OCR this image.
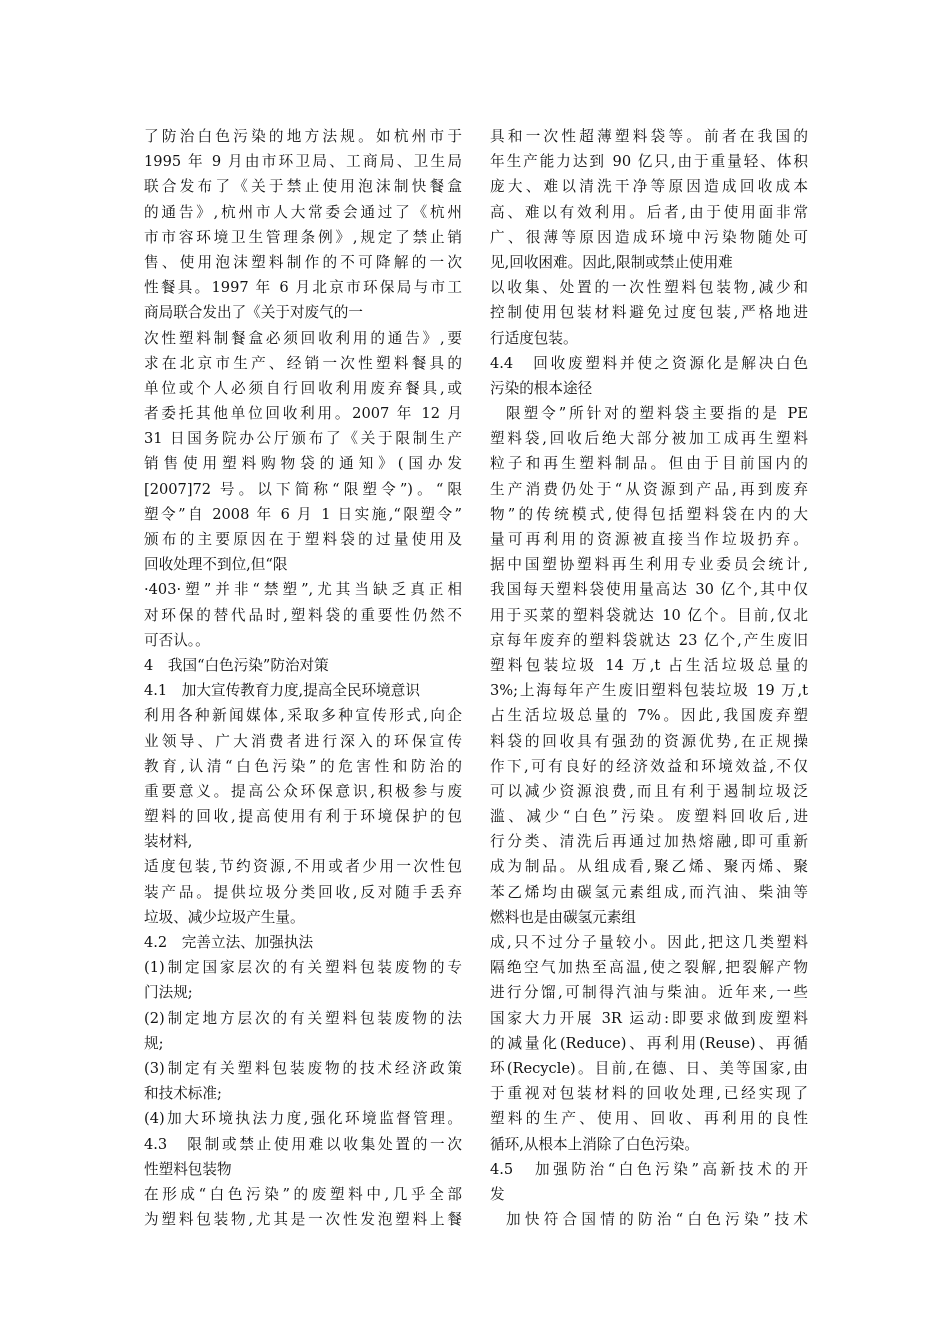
了防治白色污染的地方法规。如杭州市于
1995 年 9 月由市环卫局、工商局、卫生局
联合发布了《关于禁止使用泡沫制快餐盒
的通告》,杭州市人大常委会通过了《杭州
市市容环境卫生管理条例》,规定了禁止销
售、使用泡沫塑料制作的不可降解的一次
性餐具。1997 年 6 月北京市环保局与市工
商局联合发出了《关于对废气的一
次性塑料制餐盒必须回收利用的通告》,要
求在北京市生产、经销一次性塑料餐具的
单位或个人必须自行回收利用废弃餐具,或
者委托其他单位回收利用。2007 年 12 月
31 日国务院办公厅颁布了《关于限制生产
销售使用塑料购物袋的通知》(国办发
[2007]72 号。以下简称“限塑令”)。“限
塑令”自 2008 年 6 月 1 日实施,“限塑令”
颁布的主要原因在于塑料袋的过量使用及
回收处理不到位,但“限
·403·塑”并非“禁塑”,尤其当缺乏真正相
对环保的替代品时,塑料袋的重要性仍然不
可否认。。
4　我国“白色污染”防治对策
4.1　加大宣传教育力度,提高全民环境意识
利用各种新闻媒体,采取多种宣传形式,向企
业领导、广大消费者进行深入的环保宣传
教育,认清“白色污染”的危害性和防治的
重要意义。提高公众环保意识,积极参与废
塑料的回收,提高使用有利于环境保护的包
装材料,
适度包装,节约资源,不用或者少用一次性包
装产品。提供垃圾分类回收,反对随手丢弃
垃圾、减少垃圾产生量。
4.2　完善立法、加强执法
(1)制定国家层次的有关塑料包装废物的专
门法规;
(2)制定地方层次的有关塑料包装废物的法
规;
(3)制定有关塑料包装废物的技术经济政策
和技术标准;
(4)加大环境执法力度,强化环境监督管理。
4.3　限制或禁止使用难以收集处置的一次
性塑料包装物
在形成“白色污染”的废塑料中,几乎全部
为塑料包装物,尤其是一次性发泡塑料上餐
具和一次性超薄塑料袋等。前者在我国的
年生产能力达到 90 亿只,由于重量轻、体积
庞大、难以清洗干净等原因造成回收成本
高、难以有效利用。后者,由于使用面非常
广、很薄等原因造成环境中污染物随处可
见,回收困难。因此,限制或禁止使用难
以收集、处置的一次性塑料包装物,减少和
控制使用包装材料避免过度包装,严格地进
行适度包装。
4.4　回收废塑料并使之资源化是解决白色
污染的根本途径
限塑令”所针对的塑料袋主要指的是 PE
塑料袋,回收后绝大部分被加工成再生塑料
粒子和再生塑料制品。但由于目前国内的
生产消费仍处于“从资源到产品,再到废弃
物”的传统模式,使得包括塑料袋在内的大
量可再利用的资源被直接当作垃圾扔弃。
据中国塑协塑料再生利用专业委员会统计,
我国每天塑料袋使用量高达 30 亿个,其中仅
用于买菜的塑料袋就达 10 亿个。目前,仅北
京每年废弃的塑料袋就达 23 亿个,产生废旧
塑料包装垃圾 14 万,t 占生活垃圾总量的
3%;上海每年产生废旧塑料包装垃圾 19 万,t
占生活垃圾总量的 7%。因此,我国废弃塑
料袋的回收具有强劲的资源优势,在正规操
作下,可有良好的经济效益和环境效益,不仅
可以减少资源浪费,而且有利于遏制垃圾泛
滥、减少“白色”污染。废塑料回收后,进
行分类、清洗后再通过加热熔融,即可重新
成为制品。从组成看,聚乙烯、聚丙烯、聚
苯乙烯均由碳氢元素组成,而汽油、柴油等
燃料也是由碳氢元素组
成,只不过分子量较小。因此,把这几类塑料
隔绝空气加热至高温,使之裂解,把裂解产物
进行分馏,可制得汽油与柴油。近年来,一些
国家大力开展 3R 运动:即要求做到废塑料
的减量化(Reduce)、再利用(Reuse)、再循
环(Recycle)。目前,在德、日、美等国家,由
于重视对包装材料的回收处理,已经实现了
塑料的生产、使用、回收、再利用的良性
循环,从根本上消除了白色污染。
4.5　加强防治“白色污染”高新技术的开
发
加快符合国情的防治“白色污染”技术
